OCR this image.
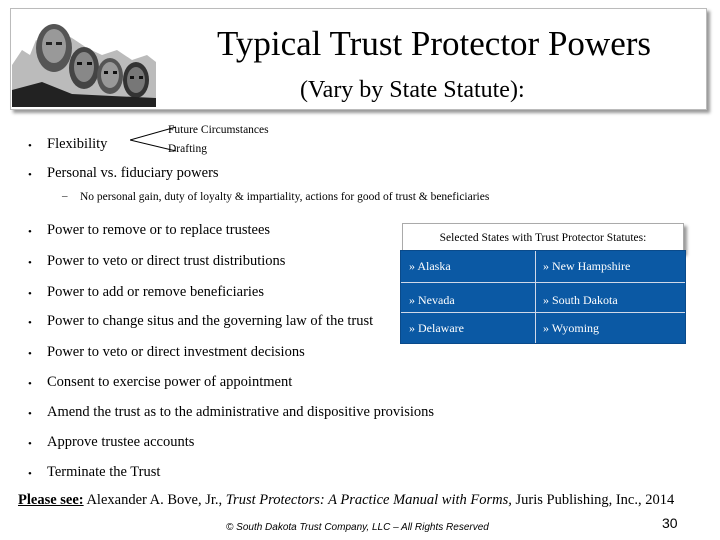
Typical Trust Protector Powers
(Vary by State Statute):
• Flexibility
Future Circumstances
Drafting
• Personal vs. fiduciary powers
– No personal gain, duty of loyalty & impartiality, actions for good of trust & beneficiaries
• Power to remove or to replace trustees
• Power to veto or direct trust distributions
• Power to add or remove beneficiaries
• Power to change situs and the governing law of the trust
• Power to veto or direct investment decisions
• Consent to exercise power of appointment
• Amend the trust as to the administrative and dispositive provisions
• Approve trustee accounts
• Terminate the Trust
Selected States with Trust Protector Statutes:
» Alaska	» New Hampshire
» Nevada	» South Dakota
» Delaware	» Wyoming
Please see: Alexander A. Bove, Jr., Trust Protectors: A Practice Manual with Forms, Juris Publishing, Inc., 2014
© South Dakota Trust Company, LLC – All Rights Reserved	30
